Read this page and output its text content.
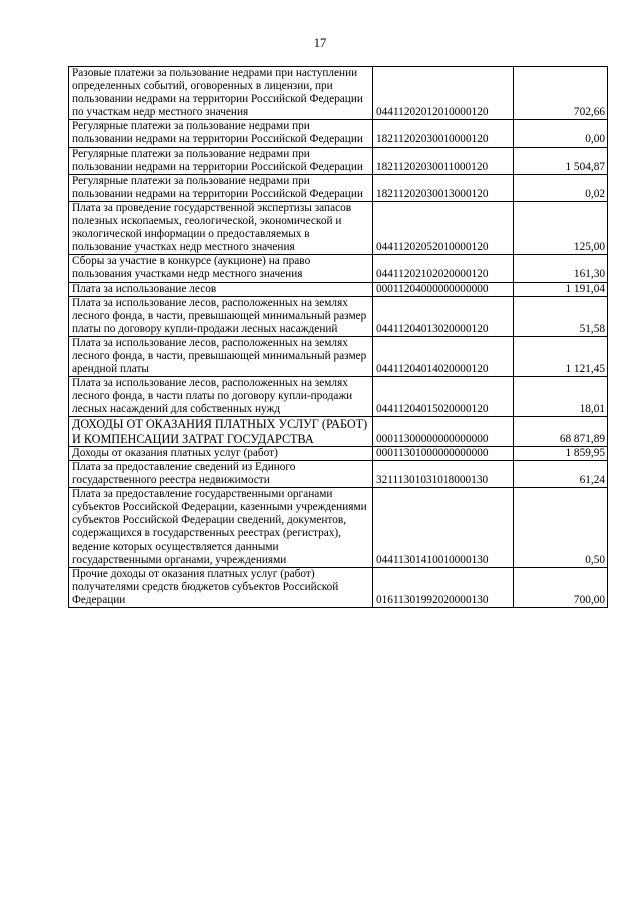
17
Разовые платежи за пользование недрами при наступлении определенных событий, оговоренных в лицензии, при пользовании недрами на территории Российской Федерации по участкам недр местного значения	04411202012010000120	702,66
Регулярные платежи за пользование недрами при пользовании недрами на территории Российской Федерации	18211202030010000120	0,00
Регулярные платежи за пользование недрами при пользовании недрами на территории Российской Федерации	18211202030011000120	1 504,87
Регулярные платежи за пользование недрами при пользовании недрами на территории Российской Федерации	18211202030013000120	0,02
Плата за проведение государственной экспертизы запасов полезных ископаемых, геологической, экономической и экологической информации о предоставляемых в пользование участках недр местного значения	04411202052010000120	125,00
Сборы за участие в конкурсе (аукционе) на право пользования участками недр местного значения	04411202102020000120	161,30
Плата за использование лесов	00011204000000000000	1 191,04
Плата за использование лесов, расположенных на землях лесного фонда, в части, превышающей минимальный размер платы по договору купли-продажи лесных насаждений	04411204013020000120	51,58
Плата за использование лесов, расположенных на землях лесного фонда, в части, превышающей минимальный размер арендной платы	04411204014020000120	1 121,45
Плата за использование лесов, расположенных на землях лесного фонда, в части платы по договору купли-продажи лесных насаждений для собственных нужд	04411204015020000120	18,01
ДОХОДЫ ОТ ОКАЗАНИЯ ПЛАТНЫХ УСЛУГ (РАБОТ) И КОМПЕНСАЦИИ ЗАТРАТ ГОСУДАРСТВА	00011300000000000000	68 871,89
Доходы от оказания платных услуг (работ)	00011301000000000000	1 859,95
Плата за предоставление сведений из Единого государственного реестра недвижимости	32111301031018000130	61,24
Плата за предоставление государственными органами субъектов Российской Федерации, казенными учреждениями субъектов Российской Федерации сведений, документов, содержащихся в государственных реестрах (регистрах), ведение которых осуществляется данными государственными органами, учреждениями	04411301410010000130	0,50
Прочие доходы от оказания платных услуг (работ) получателями средств бюджетов субъектов Российской Федерации	01611301992020000130	700,00
